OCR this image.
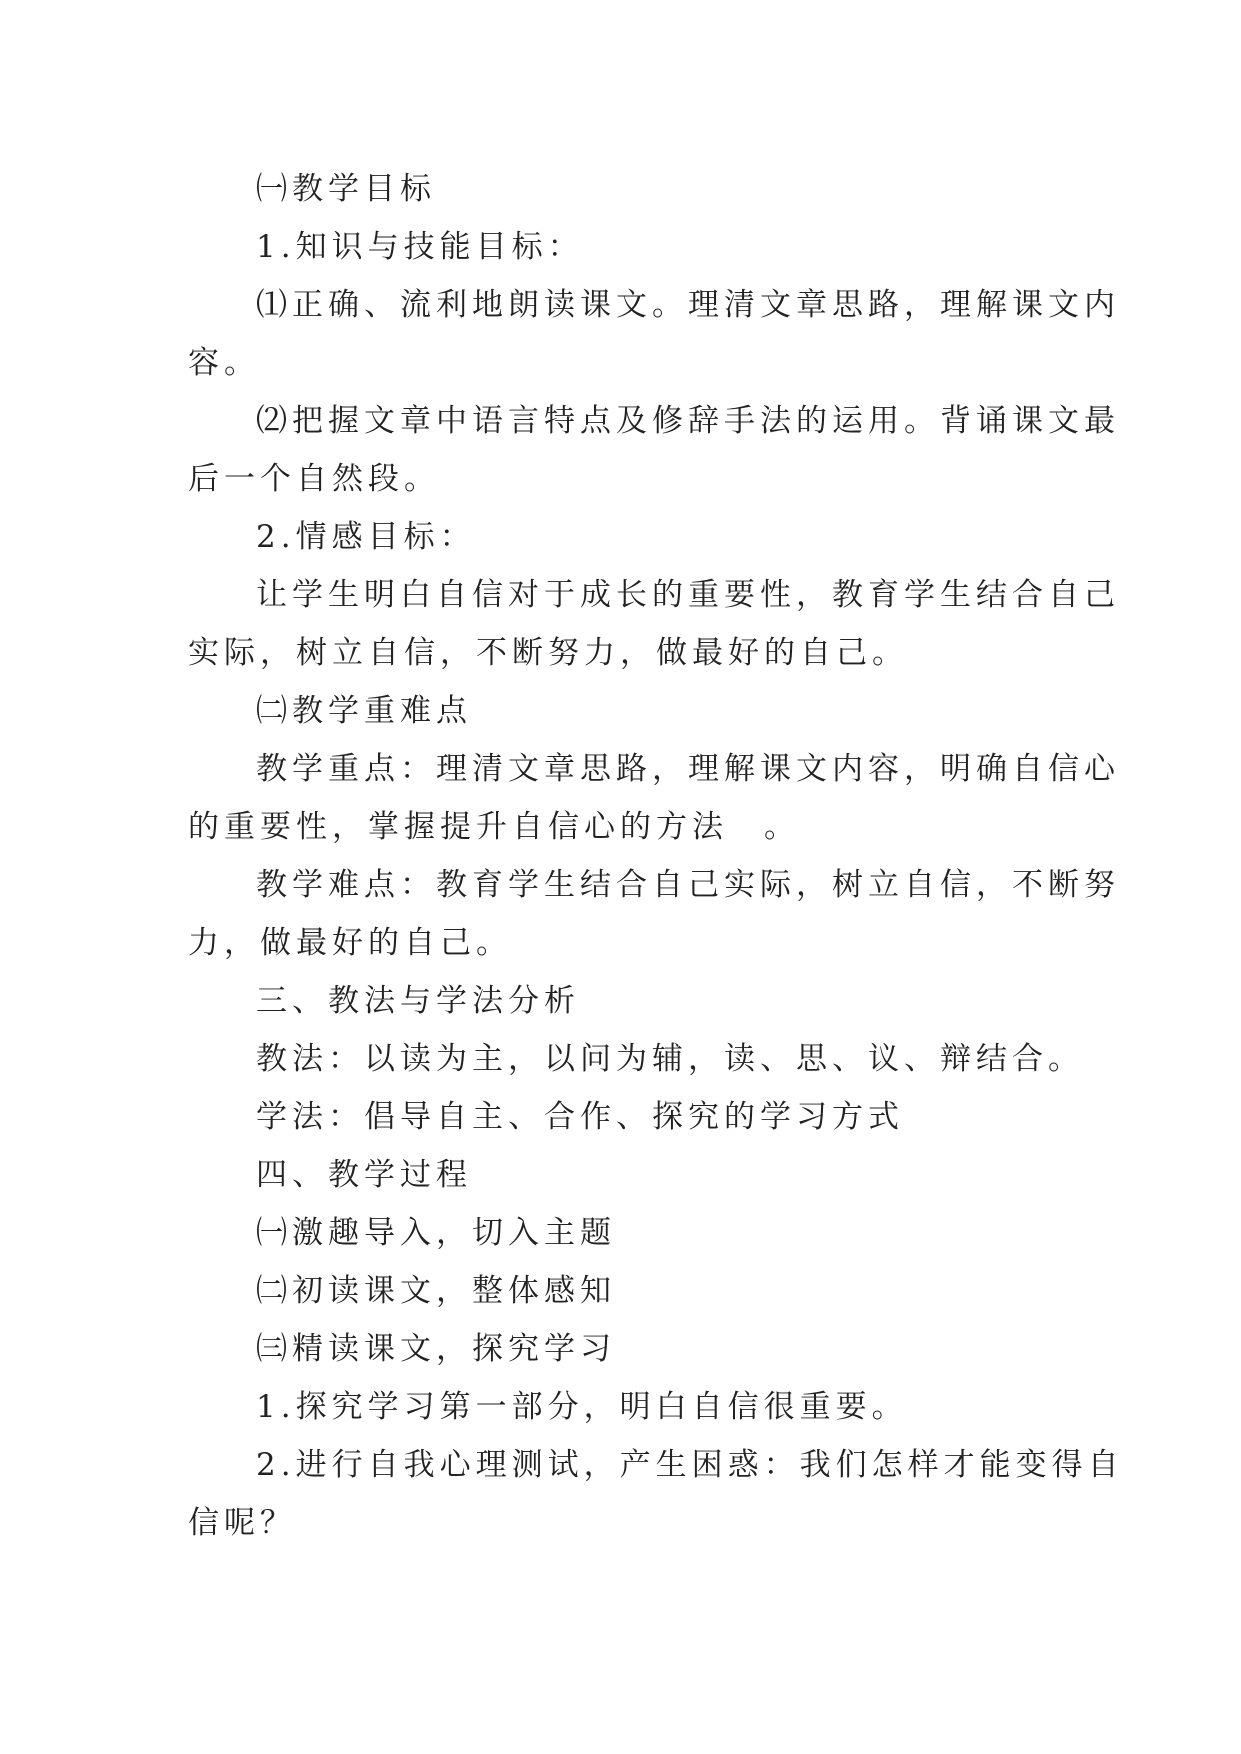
㈠教学目标
1.知识与技能目标：
⑴正确、流利地朗读课文。理清文章思路，理解课文内
容。
⑵把握文章中语言特点及修辞手法的运用。背诵课文最
后一个自然段。
2.情感目标：
让学生明白自信对于成长的重要性，教育学生结合自己
实际，树立自信，不断努力，做最好的自己。
㈡教学重难点
教学重点：理清文章思路，理解课文内容，明确自信心
的重要性，掌握提升自信心的方法　。
教学难点：教育学生结合自己实际，树立自信，不断努
力，做最好的自己。
三、教法与学法分析
教法：以读为主，以问为辅，读、思、议、辩结合。
学法：倡导自主、合作、探究的学习方式
四、教学过程
㈠激趣导入，切入主题
㈡初读课文，整体感知
㈢精读课文，探究学习
1.探究学习第一部分，明白自信很重要。
2.进行自我心理测试，产生困惑：我们怎样才能变得自
信呢？
